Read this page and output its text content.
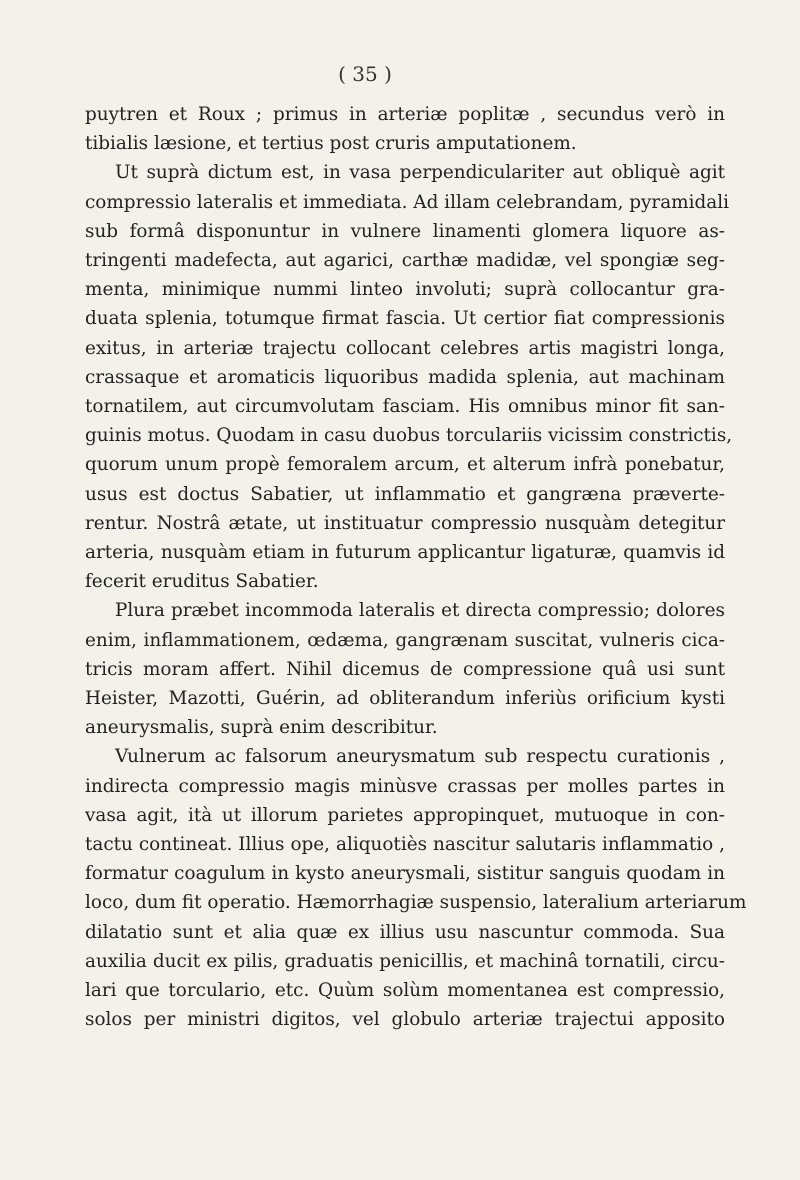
( 35 )
puytren et Roux ; primus in arteriæ poplitæ , secundus verò in
tibialis læsione, et tertius post cruris amputationem.
Ut suprà dictum est, in vasa perpendiculariter aut obliquè agit
compressio lateralis et immediata. Ad illam celebrandam, pyramidali
sub formâ disponuntur in vulnere linamenti glomera liquore as-
tringenti madefecta, aut agarici, carthæ madidæ, vel spongiæ seg-
menta, minimique nummi linteo involuti; suprà collocantur gra-
duata splenia, totumque firmat fascia. Ut certior fiat compressionis
exitus, in arteriæ trajectu collocant celebres artis magistri longa,
crassaque et aromaticis liquoribus madida splenia, aut machinam
tornatilem, aut circumvolutam fasciam. His omnibus minor fit san-
guinis motus. Quodam in casu duobus torculariis vicissim constrictis,
quorum unum propè femoralem arcum, et alterum infrà ponebatur,
usus est doctus Sabatier, ut inflammatio et gangræna præverte-
rentur. Nostrâ ætate, ut instituatur compressio nusquàm detegitur
arteria, nusquàm etiam in futurum applicantur ligaturæ, quamvis id
fecerit eruditus Sabatier.
Plura præbet incommoda lateralis et directa compressio; dolores
enim, inflammationem, œdæma, gangrænam suscitat, vulneris cica-
tricis moram affert. Nihil dicemus de compressione quâ usi sunt
Heister, Mazotti, Guérin, ad obliterandum inferiùs orificium kysti
aneurysmalis, suprà enim describitur.
Vulnerum ac falsorum aneurysmatum sub respectu curationis ,
indirecta compressio magis minùsve crassas per molles partes in
vasa agit, ità ut illorum parietes appropinquet, mutuoque in con-
tactu contineat. Illius ope, aliquotiès nascitur salutaris inflammatio ,
formatur coagulum in kysto aneurysmali, sistitur sanguis quodam in
loco, dum fit operatio. Hæmorrhagiæ suspensio, lateralium arteriarum
dilatatio sunt et alia quæ ex illius usu nascuntur commoda. Sua
auxilia ducit ex pilis, graduatis penicillis, et machinâ tornatili, circu-
lari que torculario, etc. Quùm solùm momentanea est compressio,
solos per ministri digitos, vel globulo arteriæ trajectui apposito
